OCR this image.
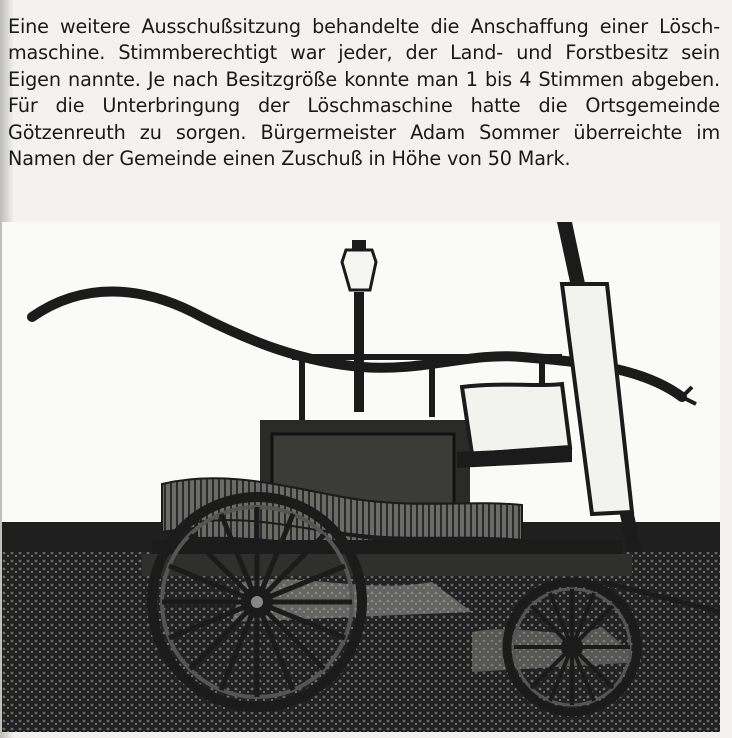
Eine weitere Ausschußsitzung behandelte die Anschaffung einer Lösch-
maschine. Stimmberechtigt war jeder, der Land- und Forstbesitz sein
Eigen nannte. Je nach Besitzgröße konnte man 1 bis 4 Stimmen abgeben.
Für die Unterbringung der Löschmaschine hatte die Ortsgemeinde
Götzenreuth zu sorgen. Bürgermeister Adam Sommer überreichte im
Namen der Gemeinde einen Zuschuß in Höhe von 50 Mark.
